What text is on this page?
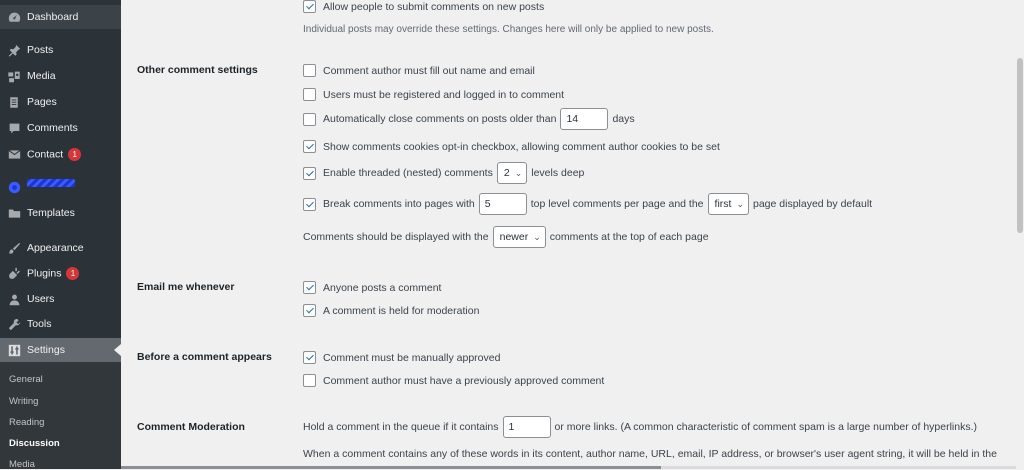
Dashboard
Posts
Media
Pages
Comments
Contact 1
Templates
Appearance
Plugins 1
Users
Tools
Settings
General
Writing
Reading
Discussion
Media
Allow people to submit comments on new posts
Individual posts may override these settings. Changes here will only be applied to new posts.
Other comment settings	Comment author must fill out name and email
Users must be registered and logged in to comment
Automatically close comments on posts older than 14	days
Show comments cookies opt-in checkbox, allowing comment author cookies to be set
Enable threaded (nested) comments 2 ⌄ levels deep
Break comments into pages with 5	top level comments per page and the first ⌄ page displayed by default
Comments should be displayed with the newer ⌄ comments at the top of each page
Email me whenever	Anyone posts a comment
A comment is held for moderation
Before a comment appears	Comment must be manually approved
Comment author must have a previously approved comment
Comment Moderation	Hold a comment in the queue if it contains 1	or more links. (A common characteristic of comment spam is a large number of hyperlinks.)
When a comment contains any of these words in its content, author name, URL, email, IP address, or browser's user agent string, it will be held in the
